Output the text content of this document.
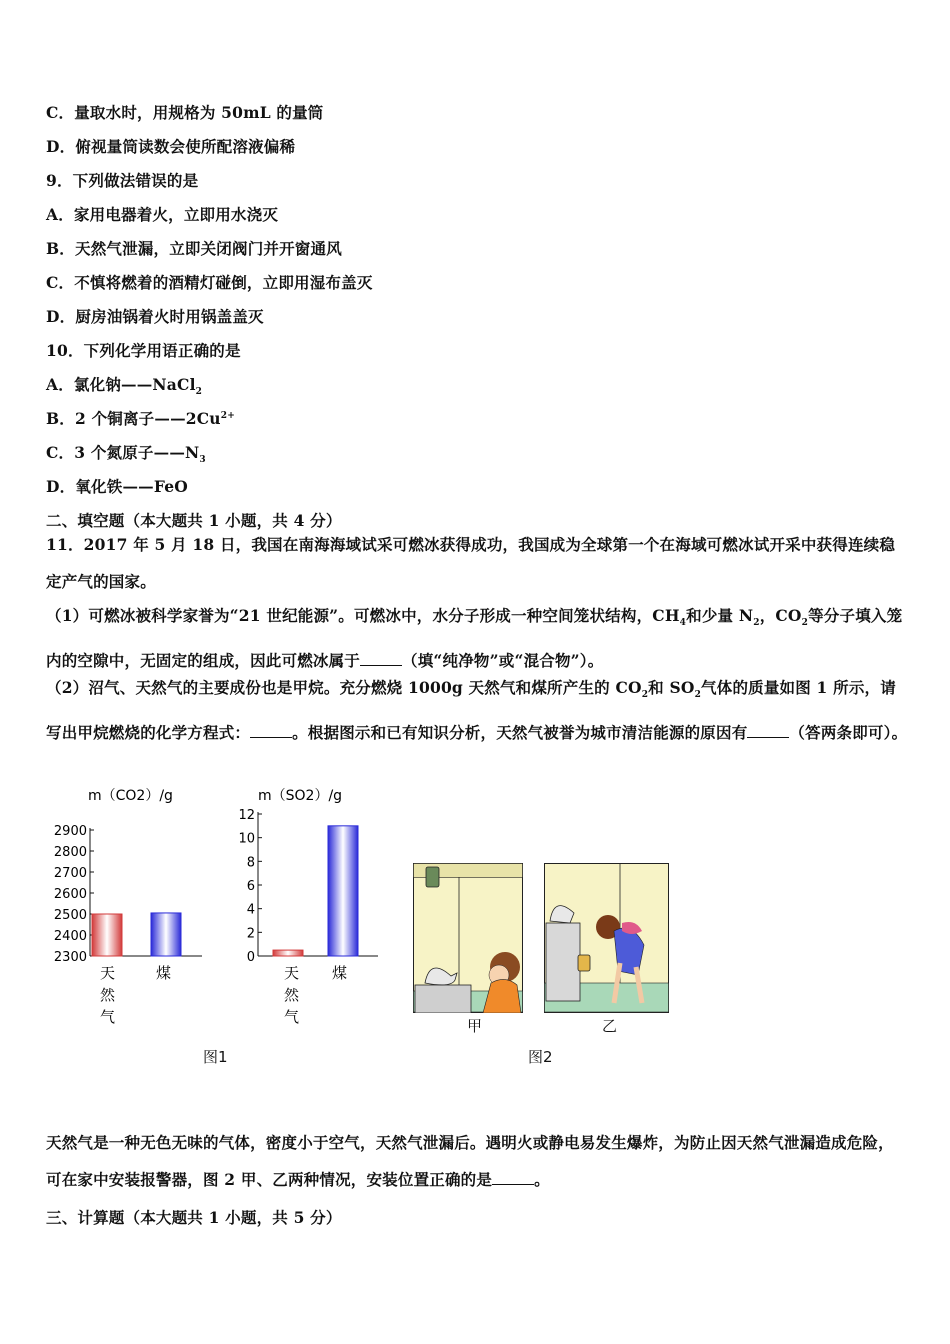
C．量取水时，用规格为 50mL 的量筒
D．俯视量筒读数会使所配溶液偏稀
9．下列做法错误的是
A．家用电器着火，立即用水浇灭
B．天然气泄漏，立即关闭阀门并开窗通风
C．不慎将燃着的酒精灯碰倒，立即用湿布盖灭
D．厨房油锅着火时用锅盖盖灭
10．下列化学用语正确的是
A．氯化钠——NaCl$_2$
B．2 个铜离子$——2Cu^{2+}$
C．3 个氮原子$——N_3$
D．氧化铁——FeO
二、填空题（本大题共 1 小题，共 4 分）
11．2017 年 5 月 18 日，我国在南海海域试采可燃冰获得成功，我国成为全球第一个在海域可燃冰试开采中获得连续稳定产气的国家。
（1）可燃冰被科学家誉为“21 世纪能源”。可燃冰中，水分子形成一种空间笼状结构，$CH_4$和少量 $N_2$，$CO_2$等分子填入笼内的空隙中，无固定的组成，因此可燃冰属于	（填“纯净物”或“混合物”）。
（2）沼气、天然气的主要成份也是甲烷。充分燃烧 1000g 天然气和煤所产生的 $CO_2$和 $SO_2$气体的质量如图 1 所示，请写出甲烷燃烧的化学方程式：	。根据图示和已有知识分析，天然气被誉为城市清洁能源的原因有	（答两条即可）。
m（CO2）/g
2900
2800
2700
2600
2500
2400
2300
天
然
气
煤
m（SO2）/g
12
10
8
6
4
2
0
天
然
气
煤
图1
甲	乙
图2
天然气是一种无色无味的气体，密度小于空气，天然气泄漏后。遇明火或静电易发生爆炸，为防止因天然气泄漏造成危险，可在家中安装报警器，图 2 甲、乙两种情况，安装位置正确的是	。
三、计算题（本大题共 1 小题，共 5 分）
